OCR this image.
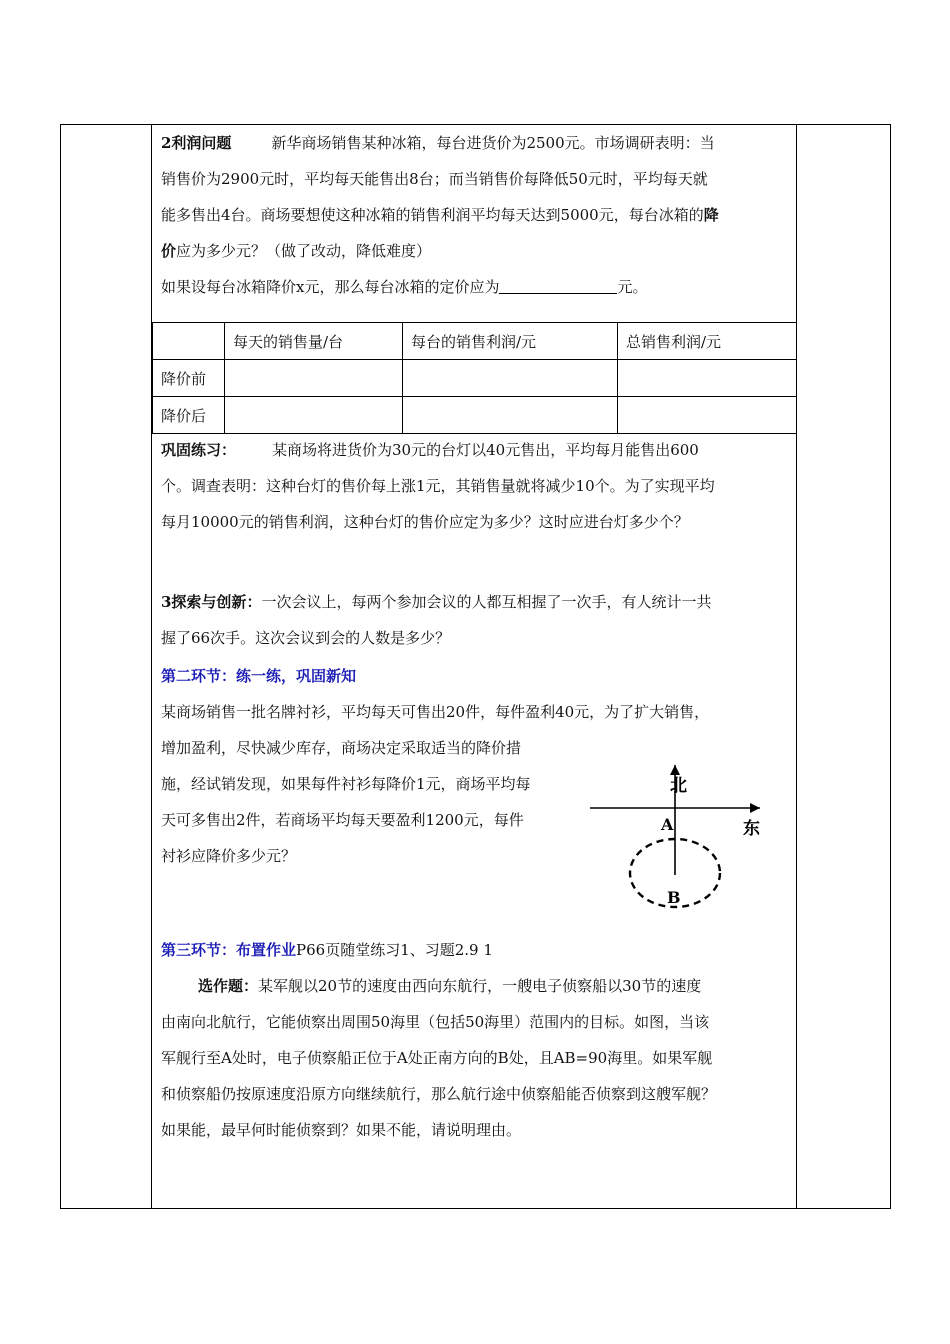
2利润问题	新华商场销售某种冰箱，每台进货价为2500元。市场调研表明：当

销售价为2900元时，平均每天能售出8台；而当销售价每降低50元时，平均每天就

能多售出4台。商场要想使这种冰箱的销售利润平均每天达到5000元，每台冰箱的降

价应为多少元？（做了改动，降低难度）

如果设每台冰箱降价x元，那么每台冰箱的定价应为	元。

	每天的销售量/台	每台的销售利润/元	总销售利润/元
降价前			
降价后			

巩固练习： 某商场将进货价为30元的台灯以40元售出，平均每月能售出600

个。调查表明：这种台灯的售价每上涨1元，其销售量就将减少10个。为了实现平均

每月10000元的销售利润，这种台灯的售价应定为多少？这时应进台灯多少个？

3探索与创新：一次会议上，每两个参加会议的人都互相握了一次手，有人统计一共

握了66次手。这次会议到会的人数是多少？

第二环节：练一练，巩固新知

某商场销售一批名牌衬衫，平均每天可售出20件，每件盈利40元，为了扩大销售，

增加盈利，尽快减少库存，商场决定采取适当的降价措

施，经试销发现，如果每件衬衫每降价1元，商场平均每

天可多售出2件，若商场平均每天要盈利1200元，每件

衬衫应降价多少元？

北
东
A
B

第三环节：布置作业P66页随堂练习1、习题2.9 1

选作题：某军舰以20节的速度由西向东航行，一艘电子侦察船以30节的速度

由南向北航行，它能侦察出周围50海里（包括50海里）范围内的目标。如图，当该

军舰行至A处时，电子侦察船正位于A处正南方向的B处，且AB=90海里。如果军舰

和侦察船仍按原速度沿原方向继续航行，那么航行途中侦察船能否侦察到这艘军舰？

如果能，最早何时能侦察到？如果不能，请说明理由。
